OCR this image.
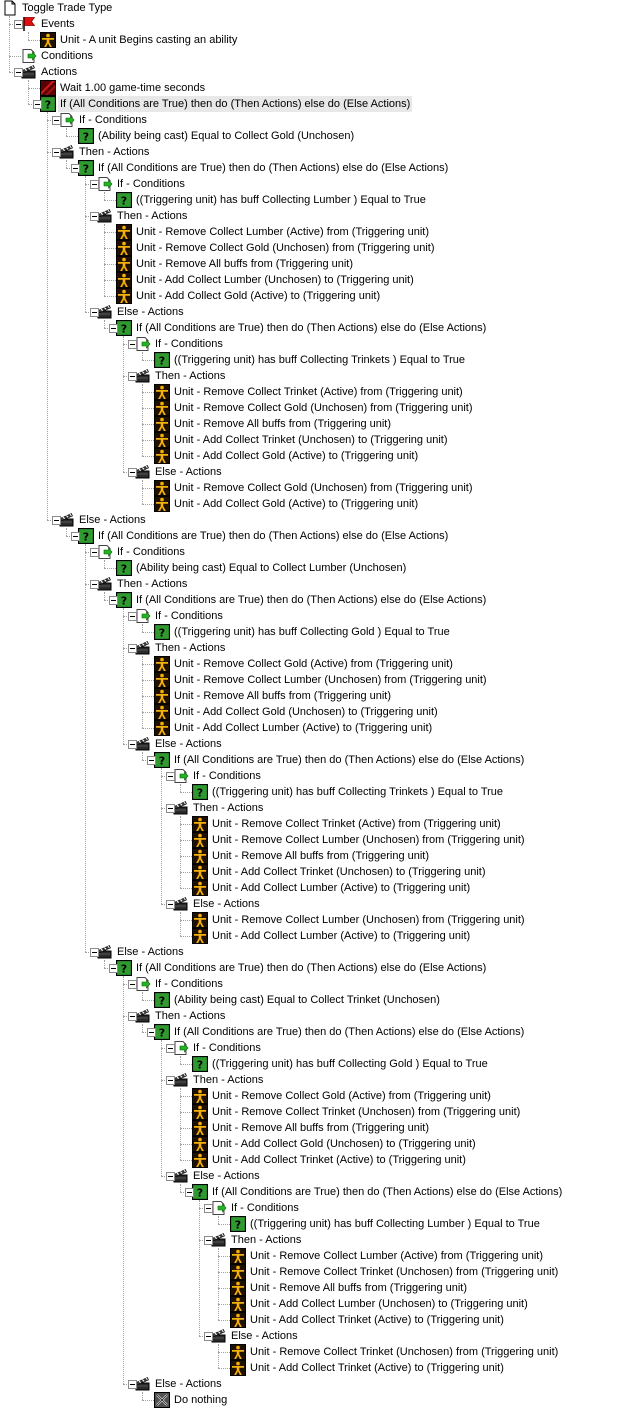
Toggle Trade Type
Events
Unit - A unit Begins casting an ability
Conditions
Actions
Wait 1.00 game-time seconds
If (All Conditions are True) then do (Then Actions) else do (Else Actions)
If - Conditions
(Ability being cast) Equal to Collect Gold (Unchosen)
Then - Actions
If (All Conditions are True) then do (Then Actions) else do (Else Actions)
If - Conditions
((Triggering unit) has buff Collecting Lumber ) Equal to True
Then - Actions
Unit - Remove Collect Lumber (Active) from (Triggering unit)
Unit - Remove Collect Gold (Unchosen) from (Triggering unit)
Unit - Remove All buffs from (Triggering unit)
Unit - Add Collect Lumber (Unchosen) to (Triggering unit)
Unit - Add Collect Gold (Active) to (Triggering unit)
Else - Actions
If (All Conditions are True) then do (Then Actions) else do (Else Actions)
If - Conditions
((Triggering unit) has buff Collecting Trinkets ) Equal to True
Then - Actions
Unit - Remove Collect Trinket (Active) from (Triggering unit)
Unit - Remove Collect Gold (Unchosen) from (Triggering unit)
Unit - Remove All buffs from (Triggering unit)
Unit - Add Collect Trinket (Unchosen) to (Triggering unit)
Unit - Add Collect Gold (Active) to (Triggering unit)
Else - Actions
Unit - Remove Collect Gold (Unchosen) from (Triggering unit)
Unit - Add Collect Gold (Active) to (Triggering unit)
Else - Actions
If (All Conditions are True) then do (Then Actions) else do (Else Actions)
If - Conditions
(Ability being cast) Equal to Collect Lumber (Unchosen)
Then - Actions
If (All Conditions are True) then do (Then Actions) else do (Else Actions)
If - Conditions
((Triggering unit) has buff Collecting Gold ) Equal to True
Then - Actions
Unit - Remove Collect Gold (Active) from (Triggering unit)
Unit - Remove Collect Lumber (Unchosen) from (Triggering unit)
Unit - Remove All buffs from (Triggering unit)
Unit - Add Collect Gold (Unchosen) to (Triggering unit)
Unit - Add Collect Lumber (Active) to (Triggering unit)
Else - Actions
If (All Conditions are True) then do (Then Actions) else do (Else Actions)
If - Conditions
((Triggering unit) has buff Collecting Trinkets ) Equal to True
Then - Actions
Unit - Remove Collect Trinket (Active) from (Triggering unit)
Unit - Remove Collect Lumber (Unchosen) from (Triggering unit)
Unit - Remove All buffs from (Triggering unit)
Unit - Add Collect Trinket (Unchosen) to (Triggering unit)
Unit - Add Collect Lumber (Active) to (Triggering unit)
Else - Actions
Unit - Remove Collect Lumber (Unchosen) from (Triggering unit)
Unit - Add Collect Lumber (Active) to (Triggering unit)
Else - Actions
If (All Conditions are True) then do (Then Actions) else do (Else Actions)
If - Conditions
(Ability being cast) Equal to Collect Trinket (Unchosen)
Then - Actions
If (All Conditions are True) then do (Then Actions) else do (Else Actions)
If - Conditions
((Triggering unit) has buff Collecting Gold ) Equal to True
Then - Actions
Unit - Remove Collect Gold (Active) from (Triggering unit)
Unit - Remove Collect Trinket (Unchosen) from (Triggering unit)
Unit - Remove All buffs from (Triggering unit)
Unit - Add Collect Gold (Unchosen) to (Triggering unit)
Unit - Add Collect Trinket (Active) to (Triggering unit)
Else - Actions
If (All Conditions are True) then do (Then Actions) else do (Else Actions)
If - Conditions
((Triggering unit) has buff Collecting Lumber ) Equal to True
Then - Actions
Unit - Remove Collect Lumber (Active) from (Triggering unit)
Unit - Remove Collect Trinket (Unchosen) from (Triggering unit)
Unit - Remove All buffs from (Triggering unit)
Unit - Add Collect Lumber (Unchosen) to (Triggering unit)
Unit - Add Collect Trinket (Active) to (Triggering unit)
Else - Actions
Unit - Remove Collect Trinket (Unchosen) from (Triggering unit)
Unit - Add Collect Trinket (Active) to (Triggering unit)
Else - Actions
Do nothing
